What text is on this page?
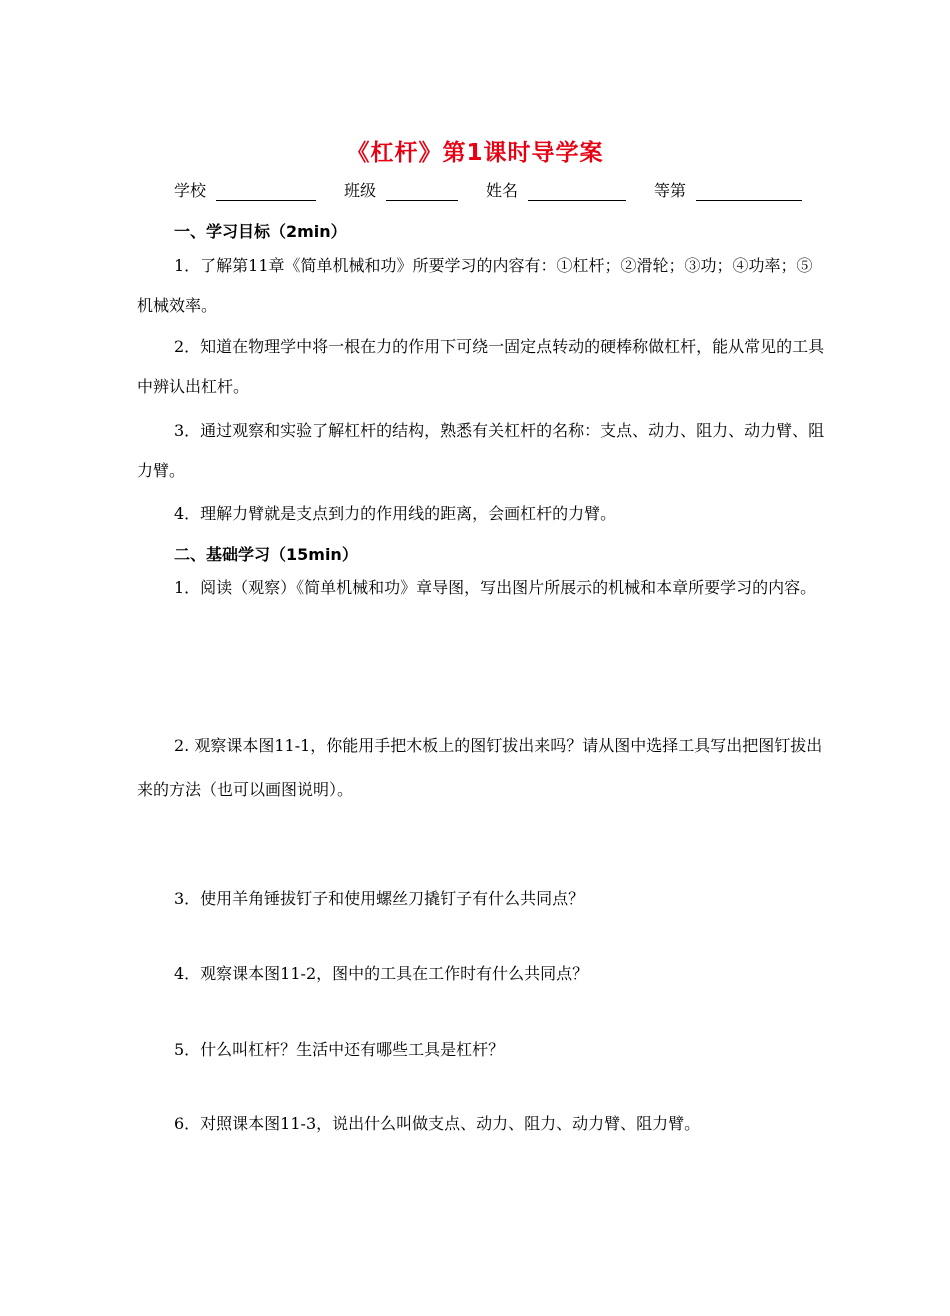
《杠杆》第1课时导学案
学校	班级	姓名	等第
一、学习目标（2min）

1．了解第11章《简单机械和功》所要学习的内容有：①杠杆；②滑轮；③功；④功率；⑤机械效率。

2．知道在物理学中将一根在力的作用下可绕一固定点转动的硬棒称做杠杆，能从常见的工具中辨认出杠杆。

3．通过观察和实验了解杠杆的结构，熟悉有关杠杆的名称：支点、动力、阻力、动力臂、阻力臂。

4．理解力臂就是支点到力的作用线的距离，会画杠杆的力臂。

二、基础学习（15min）

1．阅读（观察）《简单机械和功》章导图，写出图片所展示的机械和本章所要学习的内容。

2. 观察课本图11-1，你能用手把木板上的图钉拔出来吗？请从图中选择工具写出把图钉拔出来的方法（也可以画图说明）。

3．使用羊角锤拔钉子和使用螺丝刀撬钉子有什么共同点？

4．观察课本图11-2，图中的工具在工作时有什么共同点？

5．什么叫杠杆？生活中还有哪些工具是杠杆？

6．对照课本图11-3，说出什么叫做支点、动力、阻力、动力臂、阻力臂。
